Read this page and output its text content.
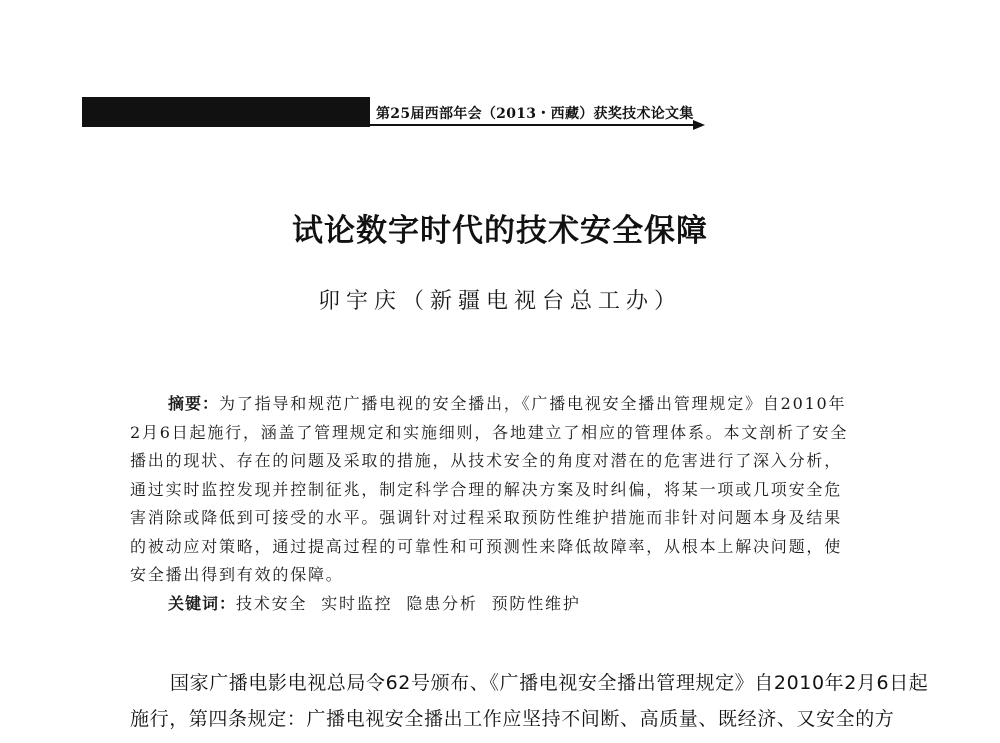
第25届西部年会（2013・西藏）获奖技术论文集
试论数字时代的技术安全保障
卯宇庆（新疆电视台总工办）
摘要：为了指导和规范广播电视的安全播出，《广播电视安全播出管理规定》自2010年
2月6日起施行，涵盖了管理规定和实施细则，各地建立了相应的管理体系。本文剖析了安全
播出的现状、存在的问题及采取的措施，从技术安全的角度对潜在的危害进行了深入分析，
通过实时监控发现并控制征兆，制定科学合理的解决方案及时纠偏，将某一项或几项安全危
害消除或降低到可接受的水平。强调针对过程采取预防性维护措施而非针对问题本身及结果
的被动应对策略，通过提高过程的可靠性和可预测性来降低故障率，从根本上解决问题，使
安全播出得到有效的保障。
关键词：技术安全 实时监控 隐患分析 预防性维护
国家广播电影电视总局令62号颁布、《广播电视安全播出管理规定》自2010年2月6日起
施行，第四条规定：广播电视安全播出工作应坚持不间断、高质量、既经济、又安全的方
